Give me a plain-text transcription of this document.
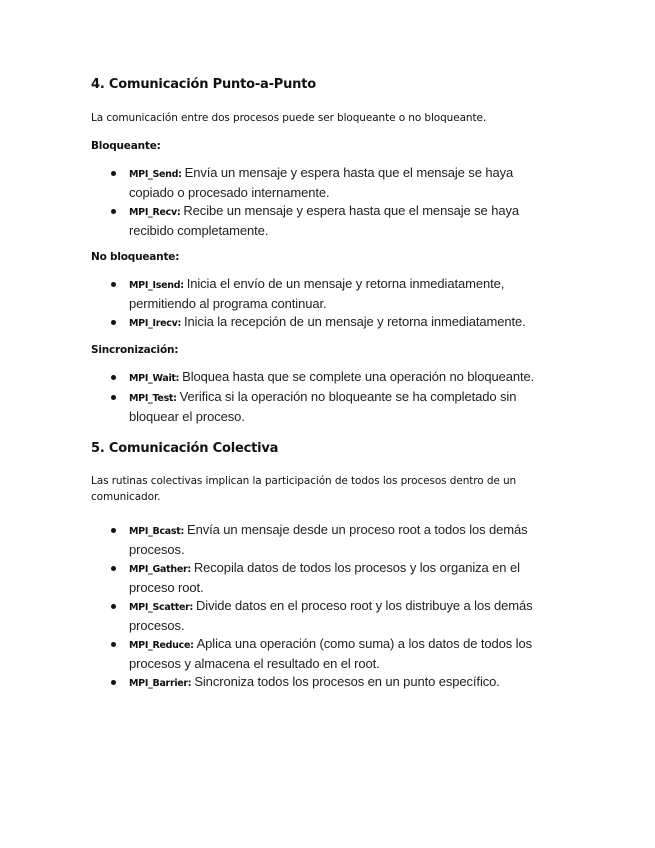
4. Comunicación Punto-a-Punto

La comunicación entre dos procesos puede ser bloqueante o no bloqueante.

Bloqueante:
MPI_Send: Envía un mensaje y espera hasta que el mensaje se haya copiado o procesado internamente.
MPI_Recv: Recibe un mensaje y espera hasta que el mensaje se haya recibido completamente.
No bloqueante:
MPI_Isend: Inicia el envío de un mensaje y retorna inmediatamente, permitiendo al programa continuar.
MPI_Irecv: Inicia la recepción de un mensaje y retorna inmediatamente.
Sincronización:
MPI_Wait: Bloquea hasta que se complete una operación no bloqueante.
MPI_Test: Verifica si la operación no bloqueante se ha completado sin bloquear el proceso.
5. Comunicación Colectiva

Las rutinas colectivas implican la participación de todos los procesos dentro de un comunicador.

MPI_Bcast: Envía un mensaje desde un proceso root a todos los demás procesos.
MPI_Gather: Recopila datos de todos los procesos y los organiza en el proceso root.
MPI_Scatter: Divide datos en el proceso root y los distribuye a los demás procesos.
MPI_Reduce: Aplica una operación (como suma) a los datos de todos los procesos y almacena el resultado en el root.
MPI_Barrier: Sincroniza todos los procesos en un punto específico.
